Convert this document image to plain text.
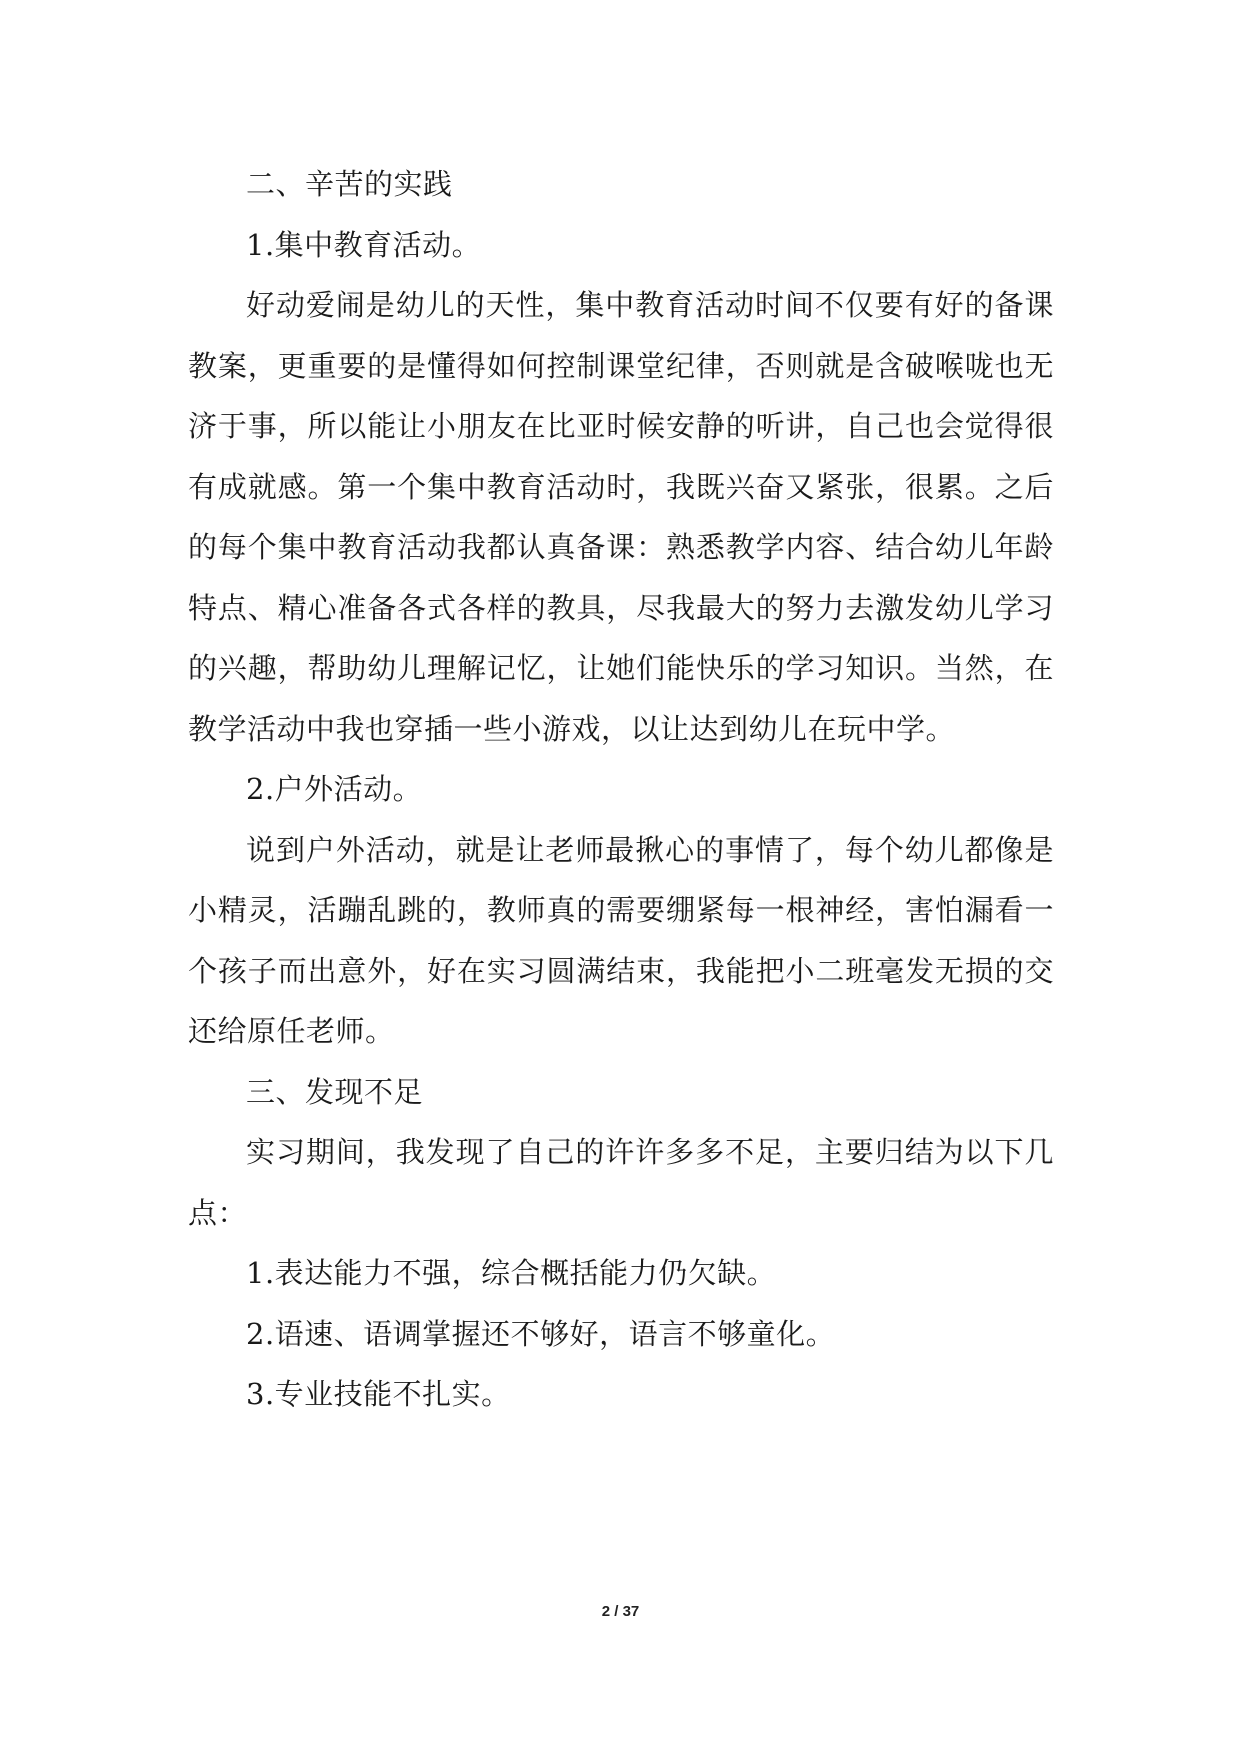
二、辛苦的实践

1.集中教育活动。

好动爱闹是幼儿的天性，集中教育活动时间不仅要有好的备课教案，更重要的是懂得如何控制课堂纪律，否则就是含破喉咙也无济于事，所以能让小朋友在比亚时候安静的听讲，自己也会觉得很有成就感。第一个集中教育活动时，我既兴奋又紧张，很累。之后的每个集中教育活动我都认真备课：熟悉教学内容、结合幼儿年龄特点、精心准备各式各样的教具，尽我最大的努力去激发幼儿学习的兴趣，帮助幼儿理解记忆，让她们能快乐的学习知识。当然，在教学活动中我也穿插一些小游戏，以让达到幼儿在玩中学。

2.户外活动。

说到户外活动，就是让老师最揪心的事情了，每个幼儿都像是小精灵，活蹦乱跳的，教师真的需要绷紧每一根神经，害怕漏看一个孩子而出意外，好在实习圆满结束，我能把小二班毫发无损的交还给原任老师。

三、发现不足

实习期间，我发现了自己的许许多多不足，主要归结为以下几点：

1.表达能力不强，综合概括能力仍欠缺。

2.语速、语调掌握还不够好，语言不够童化。

3.专业技能不扎实。

2 / 37
